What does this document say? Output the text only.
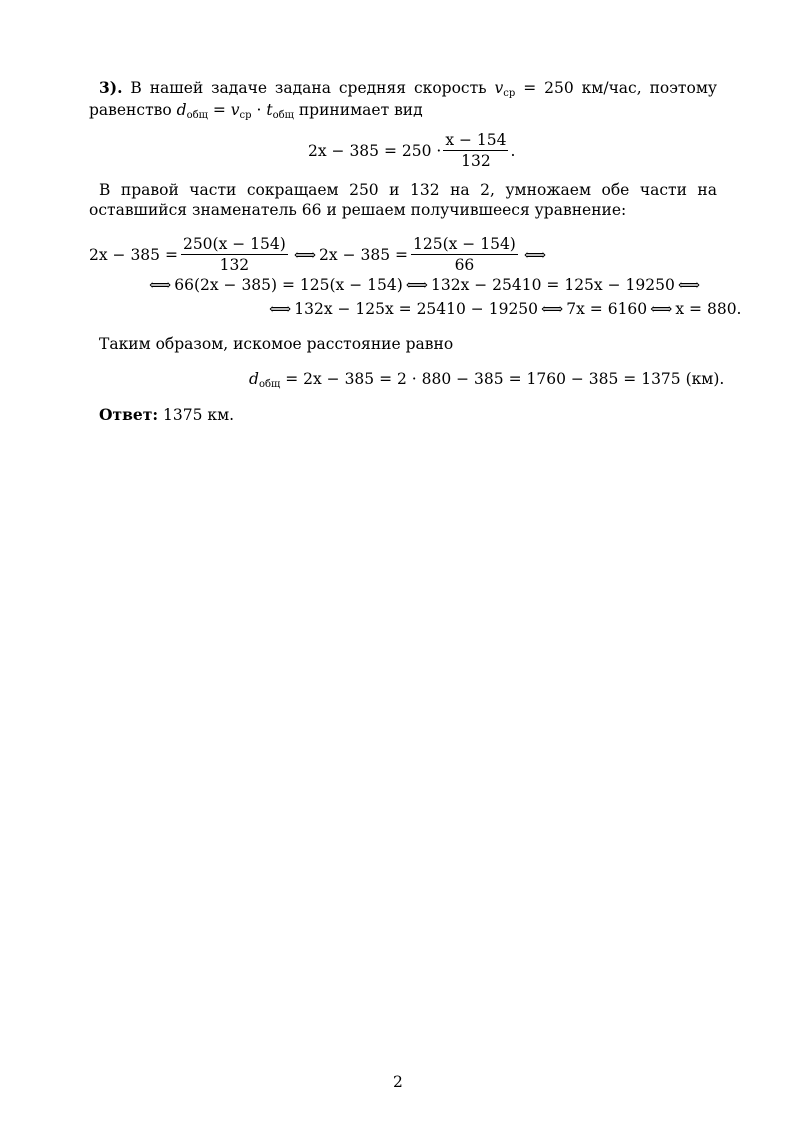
3). В нашей задаче задана средняя скорость $v_{ср} = 250$ км/час, поэтому равенство $d_{общ} = v_{ср} \cdot t_{общ}$ принимает вид
$2x - 385 = 250 \cdot \frac{x - 154}{132}$ .
В правой части сокращаем 250 и 132 на 2, умножаем обе части на оставшийся знаменатель 66 и решаем получившееся уравнение:
$2x - 385 = \frac{250(x - 154)}{132}$ ⟺ $2x - 385 = \frac{125(x - 154)}{66}$ ⟺
⟺ 66(2x − 385) = 125(x − 154) ⟺ 132x − 25410 = 125x − 19250 ⟺
⟺ 132x − 125x = 25410 − 19250 ⟺ 7x = 6160 ⟺ x = 880.
Таким образом, искомое расстояние равно
$d_{общ} = 2x - 385 = 2 \cdot 880 - 385 = 1760 - 385 = 1375$ (км).
Ответ: 1375 км.
2
